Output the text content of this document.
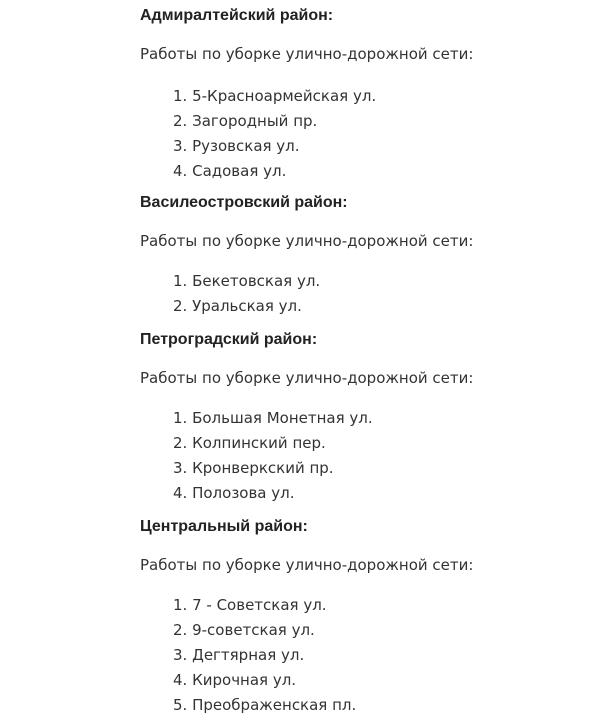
Адмиралтейский район:

Работы по уборке улично-дорожной сети:

1. 5-Красноармейская ул.
2. Загородный пр.
3. Рузовская ул.
4. Садовая ул.
Василеостровский район:

Работы по уборке улично-дорожной сети:

1. Бекетовская ул.
2. Уральская ул.
Петроградский район:

Работы по уборке улично-дорожной сети:

1. Большая Монетная ул.
2. Колпинский пер.
3. Кронверкский пр.
4. Полозова ул.
Центральный район:

Работы по уборке улично-дорожной сети:

1. 7 - Советская ул.
2. 9-советская ул.
3. Дегтярная ул.
4. Кирочная ул.
5. Преображенская пл.
